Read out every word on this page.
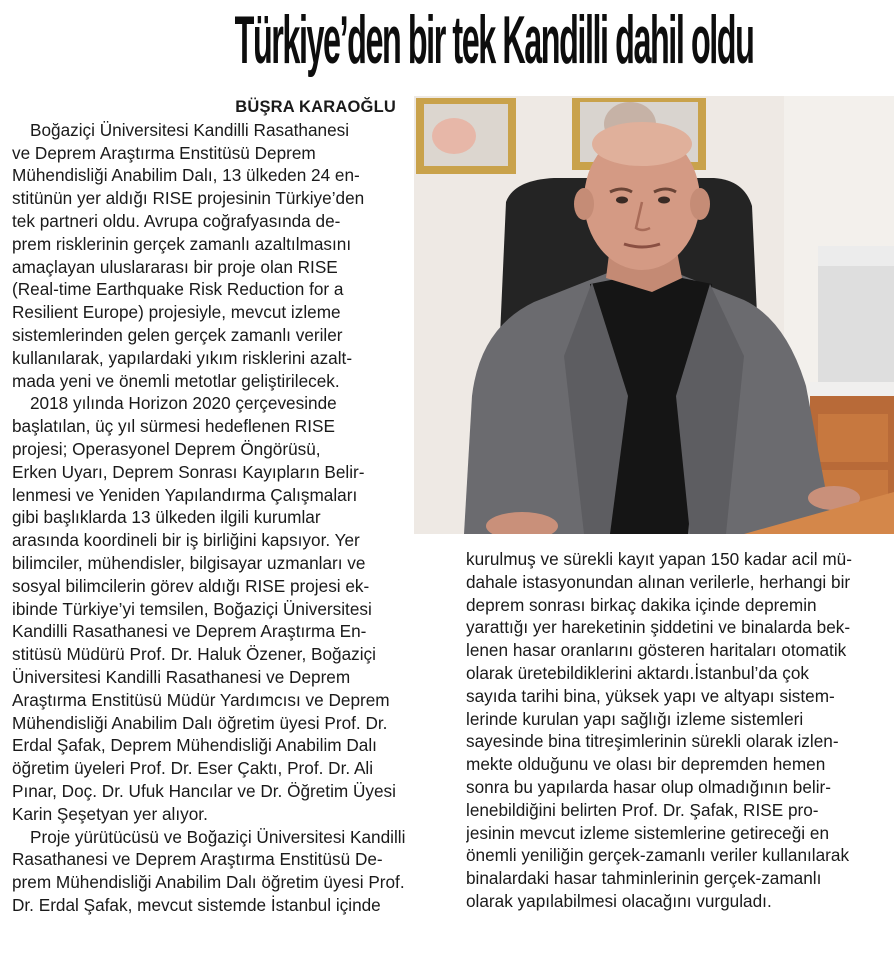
Türkiye’den bir tek Kandilli dahil oldu
BÜŞRA KARAOĞLU
Boğaziçi Üniversitesi Kandilli Rasathanesi
ve Deprem Araştırma Enstitüsü Deprem
Mühendisliği Anabilim Dalı, 13 ülkeden 24 en-
stitünün yer aldığı RISE projesinin Türkiye’den
tek partneri oldu. Avrupa coğrafyasında de-
prem risklerinin gerçek zamanlı azaltılmasını
amaçlayan uluslararası bir proje olan RISE
(Real-time Earthquake Risk Reduction for a
Resilient Europe) projesiyle, mevcut izleme
sistemlerinden gelen gerçek zamanlı veriler
kullanılarak, yapılardaki yıkım risklerini azalt-
mada yeni ve önemli metotlar geliştirilecek.
2018 yılında Horizon 2020 çerçevesinde
başlatılan, üç yıl sürmesi hedeflenen RISE
projesi; Operasyonel Deprem Öngörüsü,
Erken Uyarı, Deprem Sonrası Kayıpların Belir-
lenmesi ve Yeniden Yapılandırma Çalışmaları
gibi başlıklarda 13 ülkeden ilgili kurumlar
arasında koordineli bir iş birliğini kapsıyor. Yer
bilimciler, mühendisler, bilgisayar uzmanları ve
sosyal bilimcilerin görev aldığı RISE projesi ek-
ibinde Türkiye’yi temsilen, Boğaziçi Üniversitesi
Kandilli Rasathanesi ve Deprem Araştırma En-
stitüsü Müdürü Prof. Dr. Haluk Özener, Boğaziçi
Üniversitesi Kandilli Rasathanesi ve Deprem
Araştırma Enstitüsü Müdür Yardımcısı ve Deprem
Mühendisliği Anabilim Dalı öğretim üyesi Prof. Dr.
Erdal Şafak, Deprem Mühendisliği Anabilim Dalı
öğretim üyeleri Prof. Dr. Eser Çaktı, Prof. Dr. Ali
Pınar, Doç. Dr. Ufuk Hancılar ve Dr. Öğretim Üyesi
Karin Şeşetyan yer alıyor.
Proje yürütücüsü ve Boğaziçi Üniversitesi Kandilli
Rasathanesi ve Deprem Araştırma Enstitüsü De-
prem Mühendisliği Anabilim Dalı öğretim üyesi Prof.
Dr. Erdal Şafak, mevcut sistemde İstanbul içinde
kurulmuş ve sürekli kayıt yapan 150 kadar acil mü-
dahale istasyonundan alınan verilerle, herhangi bir
deprem sonrası birkaç dakika içinde depremin
yarattığı yer hareketinin şiddetini ve binalarda bek-
lenen hasar oranlarını gösteren haritaları otomatik
olarak üretebildiklerini aktardı.İstanbul’da çok
sayıda tarihi bina, yüksek yapı ve altyapı sistem-
lerinde kurulan yapı sağlığı izleme sistemleri
sayesinde bina titreşimlerinin sürekli olarak izlen-
mekte olduğunu ve olası bir depremden hemen
sonra bu yapılarda hasar olup olmadığının belir-
lenebildiğini belirten Prof. Dr. Şafak, RISE pro-
jesinin mevcut izleme sistemlerine getireceği en
önemli yeniliğin gerçek-zamanlı veriler kullanılarak
binalardaki hasar tahminlerinin gerçek-zamanlı
olarak yapılabilmesi olacağını vurguladı.
